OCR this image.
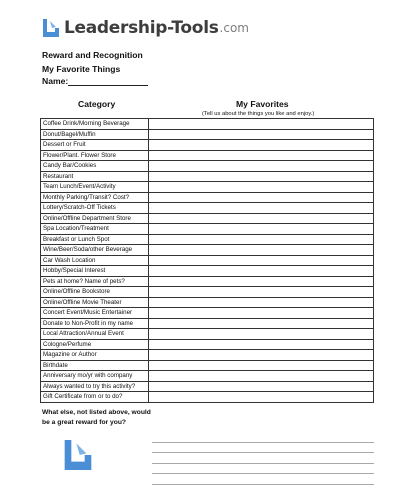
Leadership-Tools .com
Reward and Recognition
My Favorite Things
Name:
Category	My Favorites
(Tell us about the things you like and enjoy.)
Coffee Drink/Morning Beverage	
Donut/Bagel/Muffin	
Dessert or Fruit	
Flower/Plant. Flower Store	
Candy Bar/Cookies	
Restaurant	
Team Lunch/Event/Activity	
Monthly Parking/Transit? Cost?	
Lottery/Scratch-Off Tickets	
Online/Offline Department Store	
Spa Location/Treatment	
Breakfast or Lunch Spot	
Wine/Beer/Soda/other Beverage	
Car Wash Location	
Hobby/Special Interest	
Pets at home? Name of pets?	
Online/Offline Bookstore	
Online/Offline Movie Theater	
Concert Event/Music Entertainer	
Donate to Non-Profit in my name	
Local Attraction/Annual Event	
Cologne/Perfume	
Magazine or Author	
Birthdate	
Anniversary mo/yr with company	
Always wanted to try this activity?	
Gift Certificate from or to do?	
What else, not listed above, would be a great reward for you?
